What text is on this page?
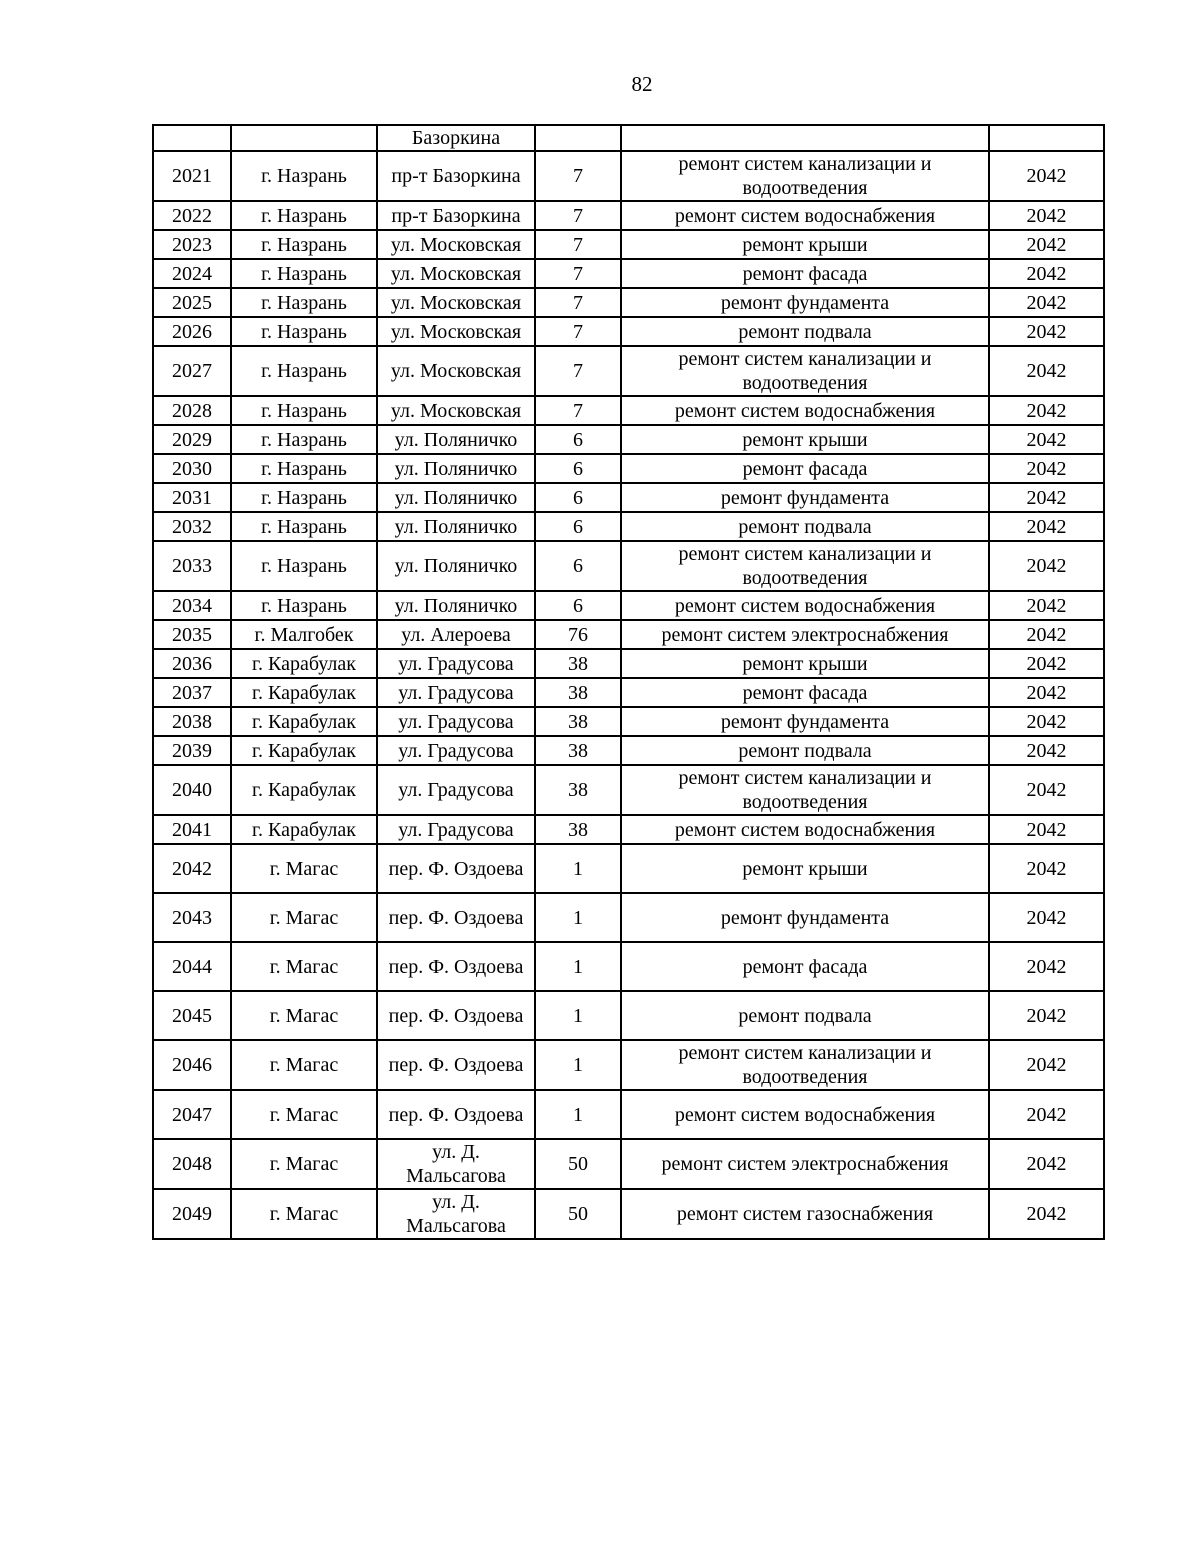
82
		Базоркина			
2021	г. Назрань	пр-т Базоркина	7	ремонт систем канализации и водоотведения	2042
2022	г. Назрань	пр-т Базоркина	7	ремонт систем водоснабжения	2042
2023	г. Назрань	ул. Московская	7	ремонт крыши	2042
2024	г. Назрань	ул. Московская	7	ремонт фасада	2042
2025	г. Назрань	ул. Московская	7	ремонт фундамента	2042
2026	г. Назрань	ул. Московская	7	ремонт подвала	2042
2027	г. Назрань	ул. Московская	7	ремонт систем канализации и водоотведения	2042
2028	г. Назрань	ул. Московская	7	ремонт систем водоснабжения	2042
2029	г. Назрань	ул. Поляничко	6	ремонт крыши	2042
2030	г. Назрань	ул. Поляничко	6	ремонт фасада	2042
2031	г. Назрань	ул. Поляничко	6	ремонт фундамента	2042
2032	г. Назрань	ул. Поляничко	6	ремонт подвала	2042
2033	г. Назрань	ул. Поляничко	6	ремонт систем канализации и водоотведения	2042
2034	г. Назрань	ул. Поляничко	6	ремонт систем водоснабжения	2042
2035	г. Малгобек	ул. Алероева	76	ремонт систем электроснабжения	2042
2036	г. Карабулак	ул. Градусова	38	ремонт крыши	2042
2037	г. Карабулак	ул. Градусова	38	ремонт фасада	2042
2038	г. Карабулак	ул. Градусова	38	ремонт фундамента	2042
2039	г. Карабулак	ул. Градусова	38	ремонт подвала	2042
2040	г. Карабулак	ул. Градусова	38	ремонт систем канализации и водоотведения	2042
2041	г. Карабулак	ул. Градусова	38	ремонт систем водоснабжения	2042
2042	г. Магас	пер. Ф. Оздоева	1	ремонт крыши	2042
2043	г. Магас	пер. Ф. Оздоева	1	ремонт фундамента	2042
2044	г. Магас	пер. Ф. Оздоева	1	ремонт фасада	2042
2045	г. Магас	пер. Ф. Оздоева	1	ремонт подвала	2042
2046	г. Магас	пер. Ф. Оздоева	1	ремонт систем канализации и водоотведения	2042
2047	г. Магас	пер. Ф. Оздоева	1	ремонт систем водоснабжения	2042
2048	г. Магас	ул. Д. Мальсагова	50	ремонт систем электроснабжения	2042
2049	г. Магас	ул. Д. Мальсагова	50	ремонт систем газоснабжения	2042
